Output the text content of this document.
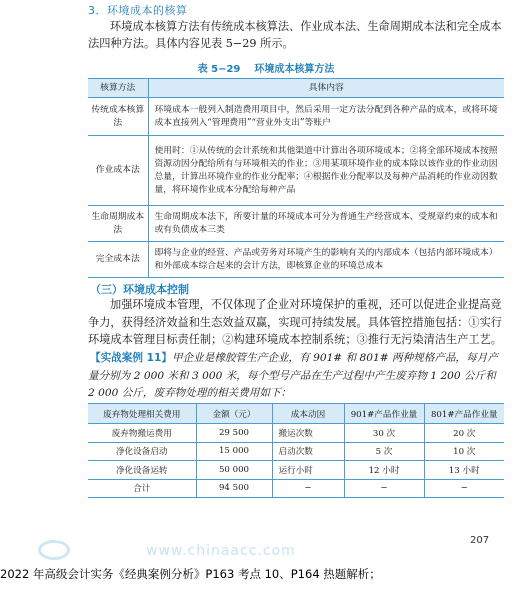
3．环境成本的核算
环境成本核算方法有传统成本核算法、作业成本法、生命周期成本法和完全成本法四种方法。具体内容见表 5−29 所示。
表 5−29 环境成本核算方法
核算方法	具体内容
传统成本核算法	环境成本一般列入制造费用项目中，然后采用一定方法分配到各种产品的成本，或将环境成本直接列入“管理费用”“营业外支出”等账户
作业成本法	使用时：①从传统的会计系统和其他渠道中计算出各项环境成本；②将全部环境成本按照资源动因分配给所有与环境相关的作业；③用某项环境作业的成本除以该作业的作业动因总量，计算出环境作业的作业分配率；④根据作业分配率以及每种产品消耗的作业动因数量，将环境作业成本分配给每种产品
生命周期成本法	生命周期成本法下，所要计量的环境成本可分为普通生产经营成本、受规章约束的成本和或有负债成本三类
完全成本法	即将与企业的经营、产品或劳务对环境产生的影响有关的内部成本（包括内部环境成本）和外部成本综合起来的会计方法，即核算企业的环境总成本
（三）环境成本控制
加强环境成本管理，不仅体现了企业对环境保护的重视，还可以促进企业提高竞争力，获得经济效益和生态效益双赢，实现可持续发展。具体管控措施包括：①实行环境成本管理目标责任制；②构建环境成本控制系统；③推行无污染清洁生产工艺。
【实战案例 11】甲企业是橡胶管生产企业，有 901# 和 801# 两种规格产品，每月产量分别为 2 000 米和 3 000 米，每个型号产品在生产过程中产生废弃物 1 200 公斤和 2 000 公斤，废弃物处理的相关费用如下：
废弃物处理相关费用	金额（元）	成本动因	901#产品作业量	801#产品作业量
废弃物搬运费用	29 500	搬运次数	30 次	20 次
净化设备启动	15 000	启动次数	5 次	10 次
净化设备运转	50 000	运行小时	12 小时	13 小时
合计	94 500	−	−	−
207
www.chinaacc.com
2022 年高级会计实务《经典案例分析》P163 考点 10、P164 热题解析；
